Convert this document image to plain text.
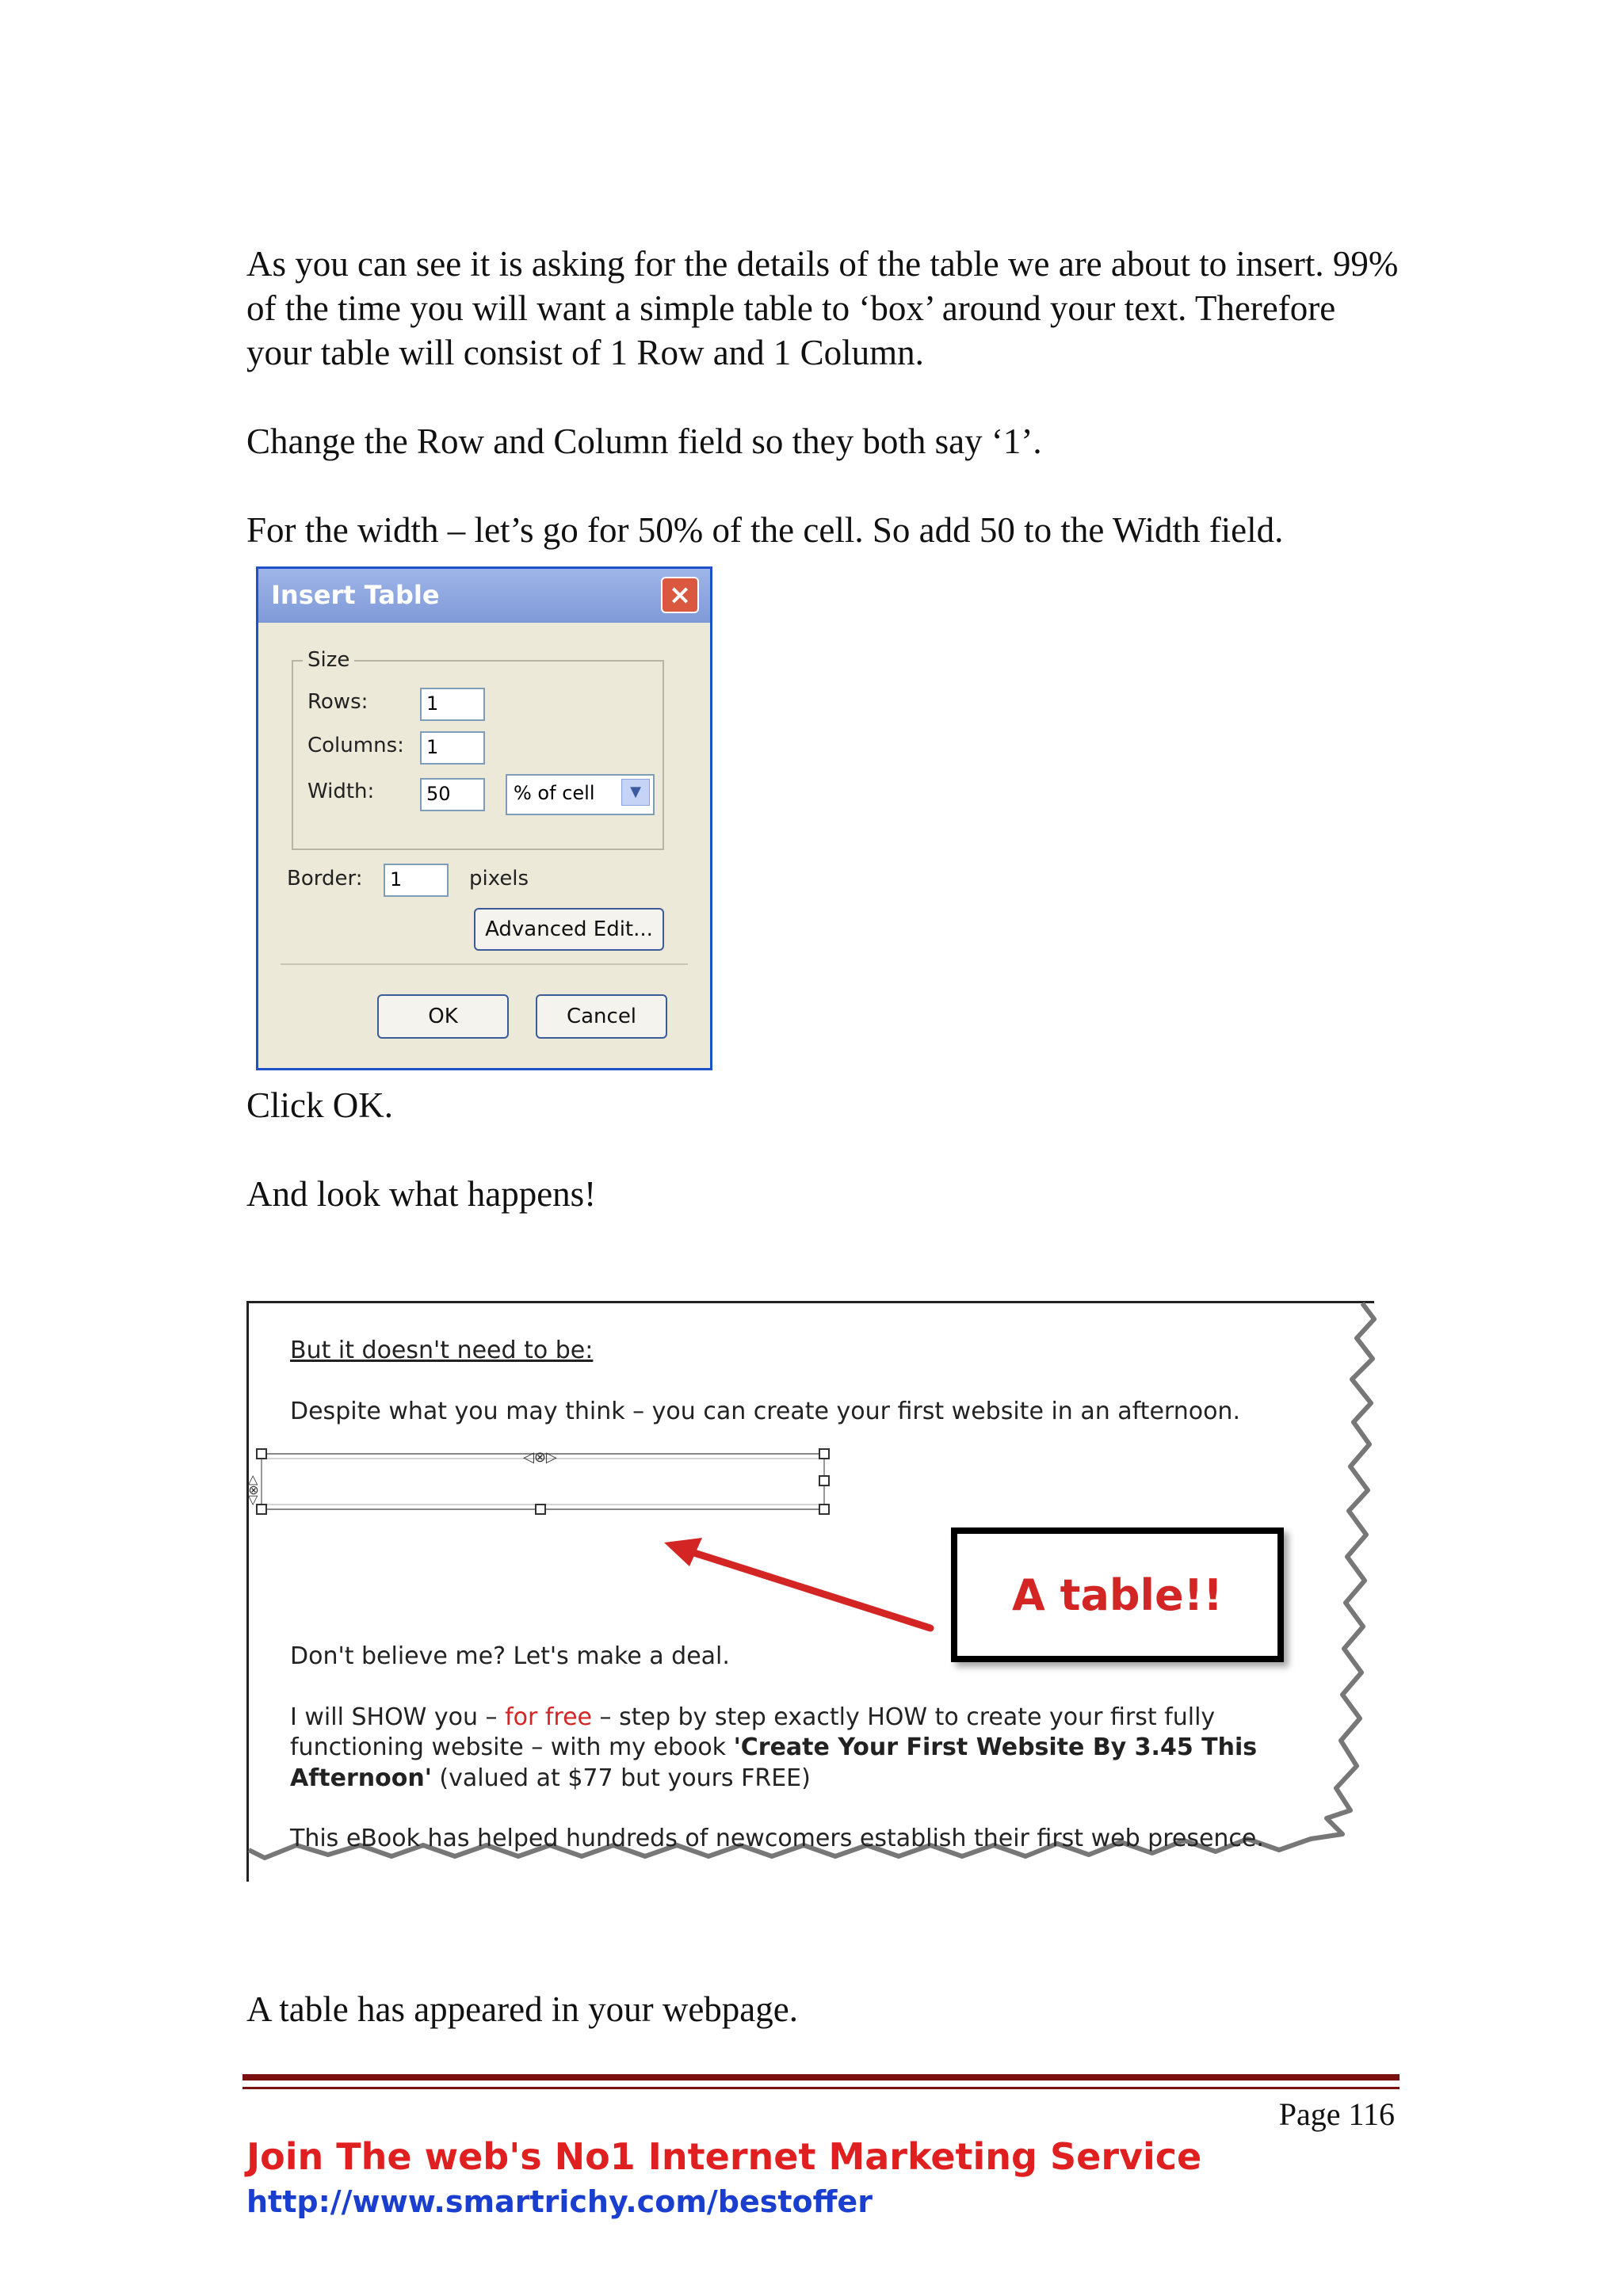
As you can see it is asking for the details of the table we are about to insert. 99% of the time you will want a simple table to ‘box’ around your text. Therefore your table will consist of 1 Row and 1 Column.

Change the Row and Column field so they both say ‘1’.

For the width – let’s go for 50% of the cell. So add 50 to the Width field.

Insert Table	×
Size
Rows:	1
Columns:	1
Width:	50	% of cell	▼
Border:	1	pixels
Advanced Edit...
OK	Cancel

Click OK.

And look what happens!

◁⊗▷
◁⊗▷
But it doesn't need to be:
Despite what you may think – you can create your first website in an afternoon.
A table!!
Don't believe me? Let's make a deal.
I will SHOW you – for free – step by step exactly HOW to create your first fully
functioning website – with my ebook 'Create Your First Website By 3.45 This
Afternoon' (valued at $77 but yours FREE)
This eBook has helped hundreds of newcomers establish their first web presence.

A table has appeared in your webpage.

Page 116
Join The web's No1 Internet Marketing Service
http://www.smartrichy.com/bestoffer
